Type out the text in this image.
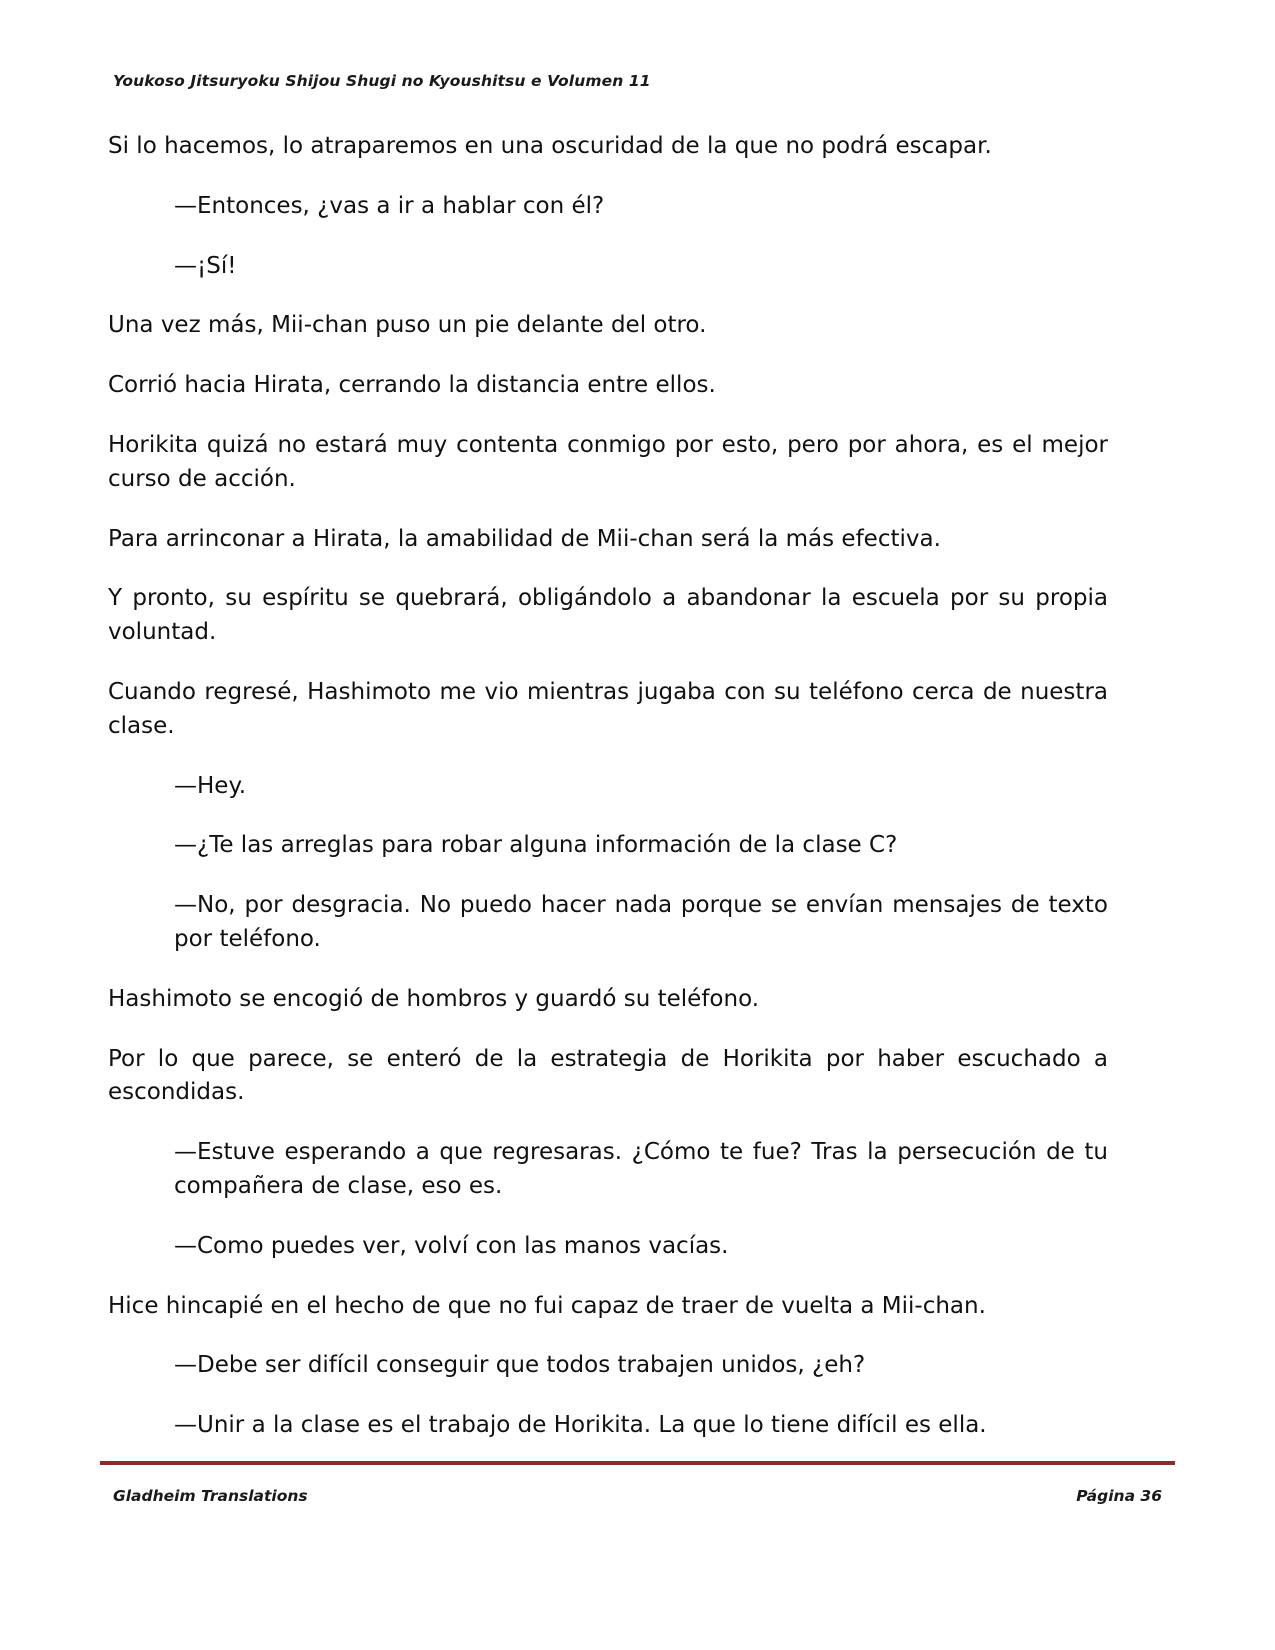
Youkoso Jitsuryoku Shijou Shugi no Kyoushitsu e Volumen 11

Si lo hacemos, lo atraparemos en una oscuridad de la que no podrá escapar.

—Entonces, ¿vas a ir a hablar con él?

—¡Sí!

Una vez más, Mii-chan puso un pie delante del otro.

Corrió hacia Hirata, cerrando la distancia entre ellos.

Horikita quizá no estará muy contenta conmigo por esto, pero por ahora, es el mejor curso de acción.

Para arrinconar a Hirata, la amabilidad de Mii-chan será la más efectiva.

Y pronto, su espíritu se quebrará, obligándolo a abandonar la escuela por su propia voluntad.

Cuando regresé, Hashimoto me vio mientras jugaba con su teléfono cerca de nuestra clase.

—Hey.

—¿Te las arreglas para robar alguna información de la clase C?

—No, por desgracia. No puedo hacer nada porque se envían mensajes de texto por teléfono.

Hashimoto se encogió de hombros y guardó su teléfono.

Por lo que parece, se enteró de la estrategia de Horikita por haber escuchado a escondidas.

—Estuve esperando a que regresaras. ¿Cómo te fue? Tras la persecución de tu compañera de clase, eso es.

—Como puedes ver, volví con las manos vacías.

Hice hincapié en el hecho de que no fui capaz de traer de vuelta a Mii-chan.

—Debe ser difícil conseguir que todos trabajen unidos, ¿eh?

—Unir a la clase es el trabajo de Horikita. La que lo tiene difícil es ella.

Gladheim Translations	Página 36
